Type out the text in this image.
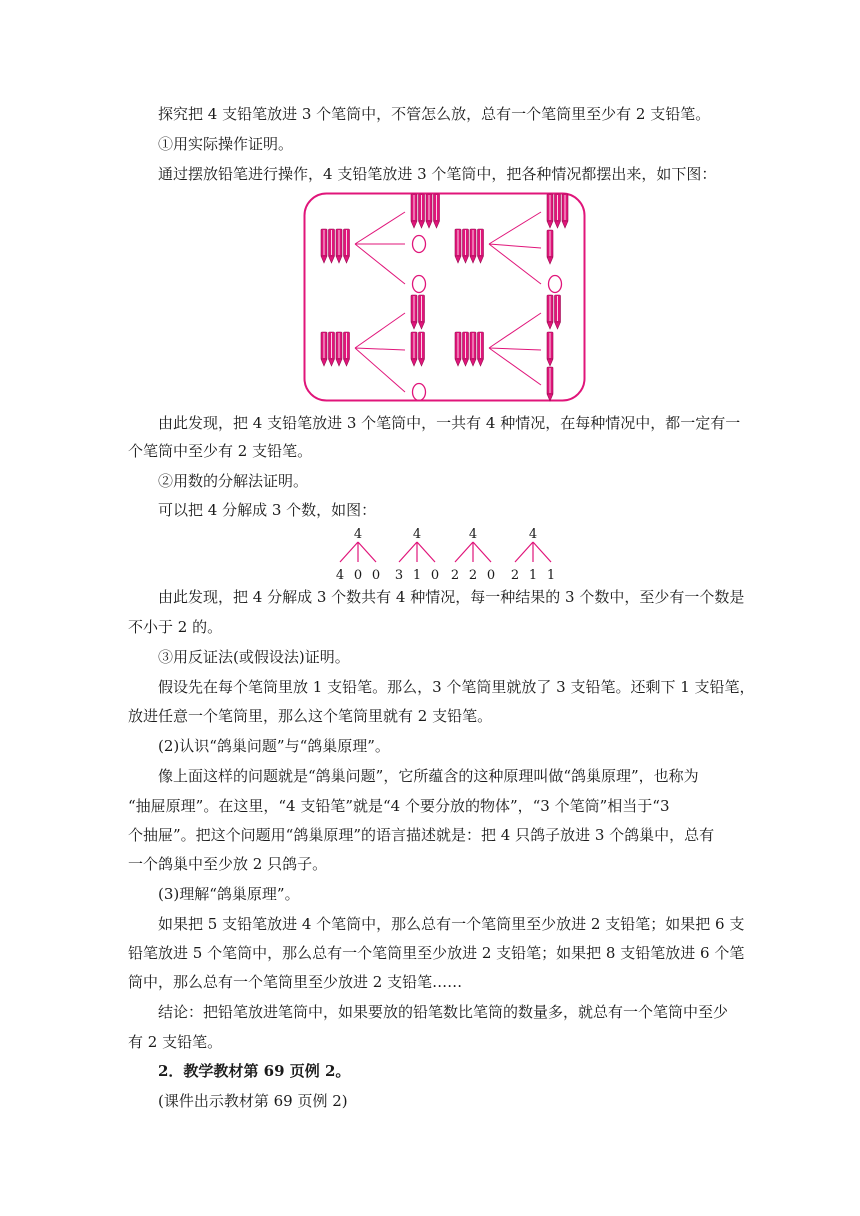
探究把 4 支铅笔放进 3 个笔筒中，不管怎么放，总有一个笔筒里至少有 2 支铅笔。
①用实际操作证明。
通过摆放铅笔进行操作，4 支铅笔放进 3 个笔筒中，把各种情况都摆出来，如下图：
由此发现，把 4 支铅笔放进 3 个笔筒中，一共有 4 种情况，在每种情况中，都一定有一
个笔筒中至少有 2 支铅笔。
②用数的分解法证明。
可以把 4 分解成 3 个数，如图：
4
4 0 0
4
3 1 0
4
2 2 0
4
2 1 1
由此发现，把 4 分解成 3 个数共有 4 种情况，每一种结果的 3 个数中，至少有一个数是
不小于 2 的。
③用反证法(或假设法)证明。
假设先在每个笔筒里放 1 支铅笔。那么，3 个笔筒里就放了 3 支铅笔。还剩下 1 支铅笔，
放进任意一个笔筒里，那么这个笔筒里就有 2 支铅笔。
(2)认识“鸽巢问题”与“鸽巢原理”。
像上面这样的问题就是“鸽巢问题”，它所蕴含的这种原理叫做“鸽巢原理”，也称为
“抽屉原理”。在这里，“4 支铅笔”就是“4 个要分放的物体”，“3 个笔筒”相当于“3
个抽屉”。把这个问题用“鸽巢原理”的语言描述就是：把 4 只鸽子放进 3 个鸽巢中，总有
一个鸽巢中至少放 2 只鸽子。
(3)理解“鸽巢原理”。
如果把 5 支铅笔放进 4 个笔筒中，那么总有一个笔筒里至少放进 2 支铅笔；如果把 6 支
铅笔放进 5 个笔筒中，那么总有一个笔筒里至少放进 2 支铅笔；如果把 8 支铅笔放进 6 个笔
筒中，那么总有一个笔筒里至少放进 2 支铅笔……
结论：把铅笔放进笔筒中，如果要放的铅笔数比笔筒的数量多，就总有一个笔筒中至少
有 2 支铅笔。
2．教学教材第 69 页例 2。
(课件出示教材第 69 页例 2)
